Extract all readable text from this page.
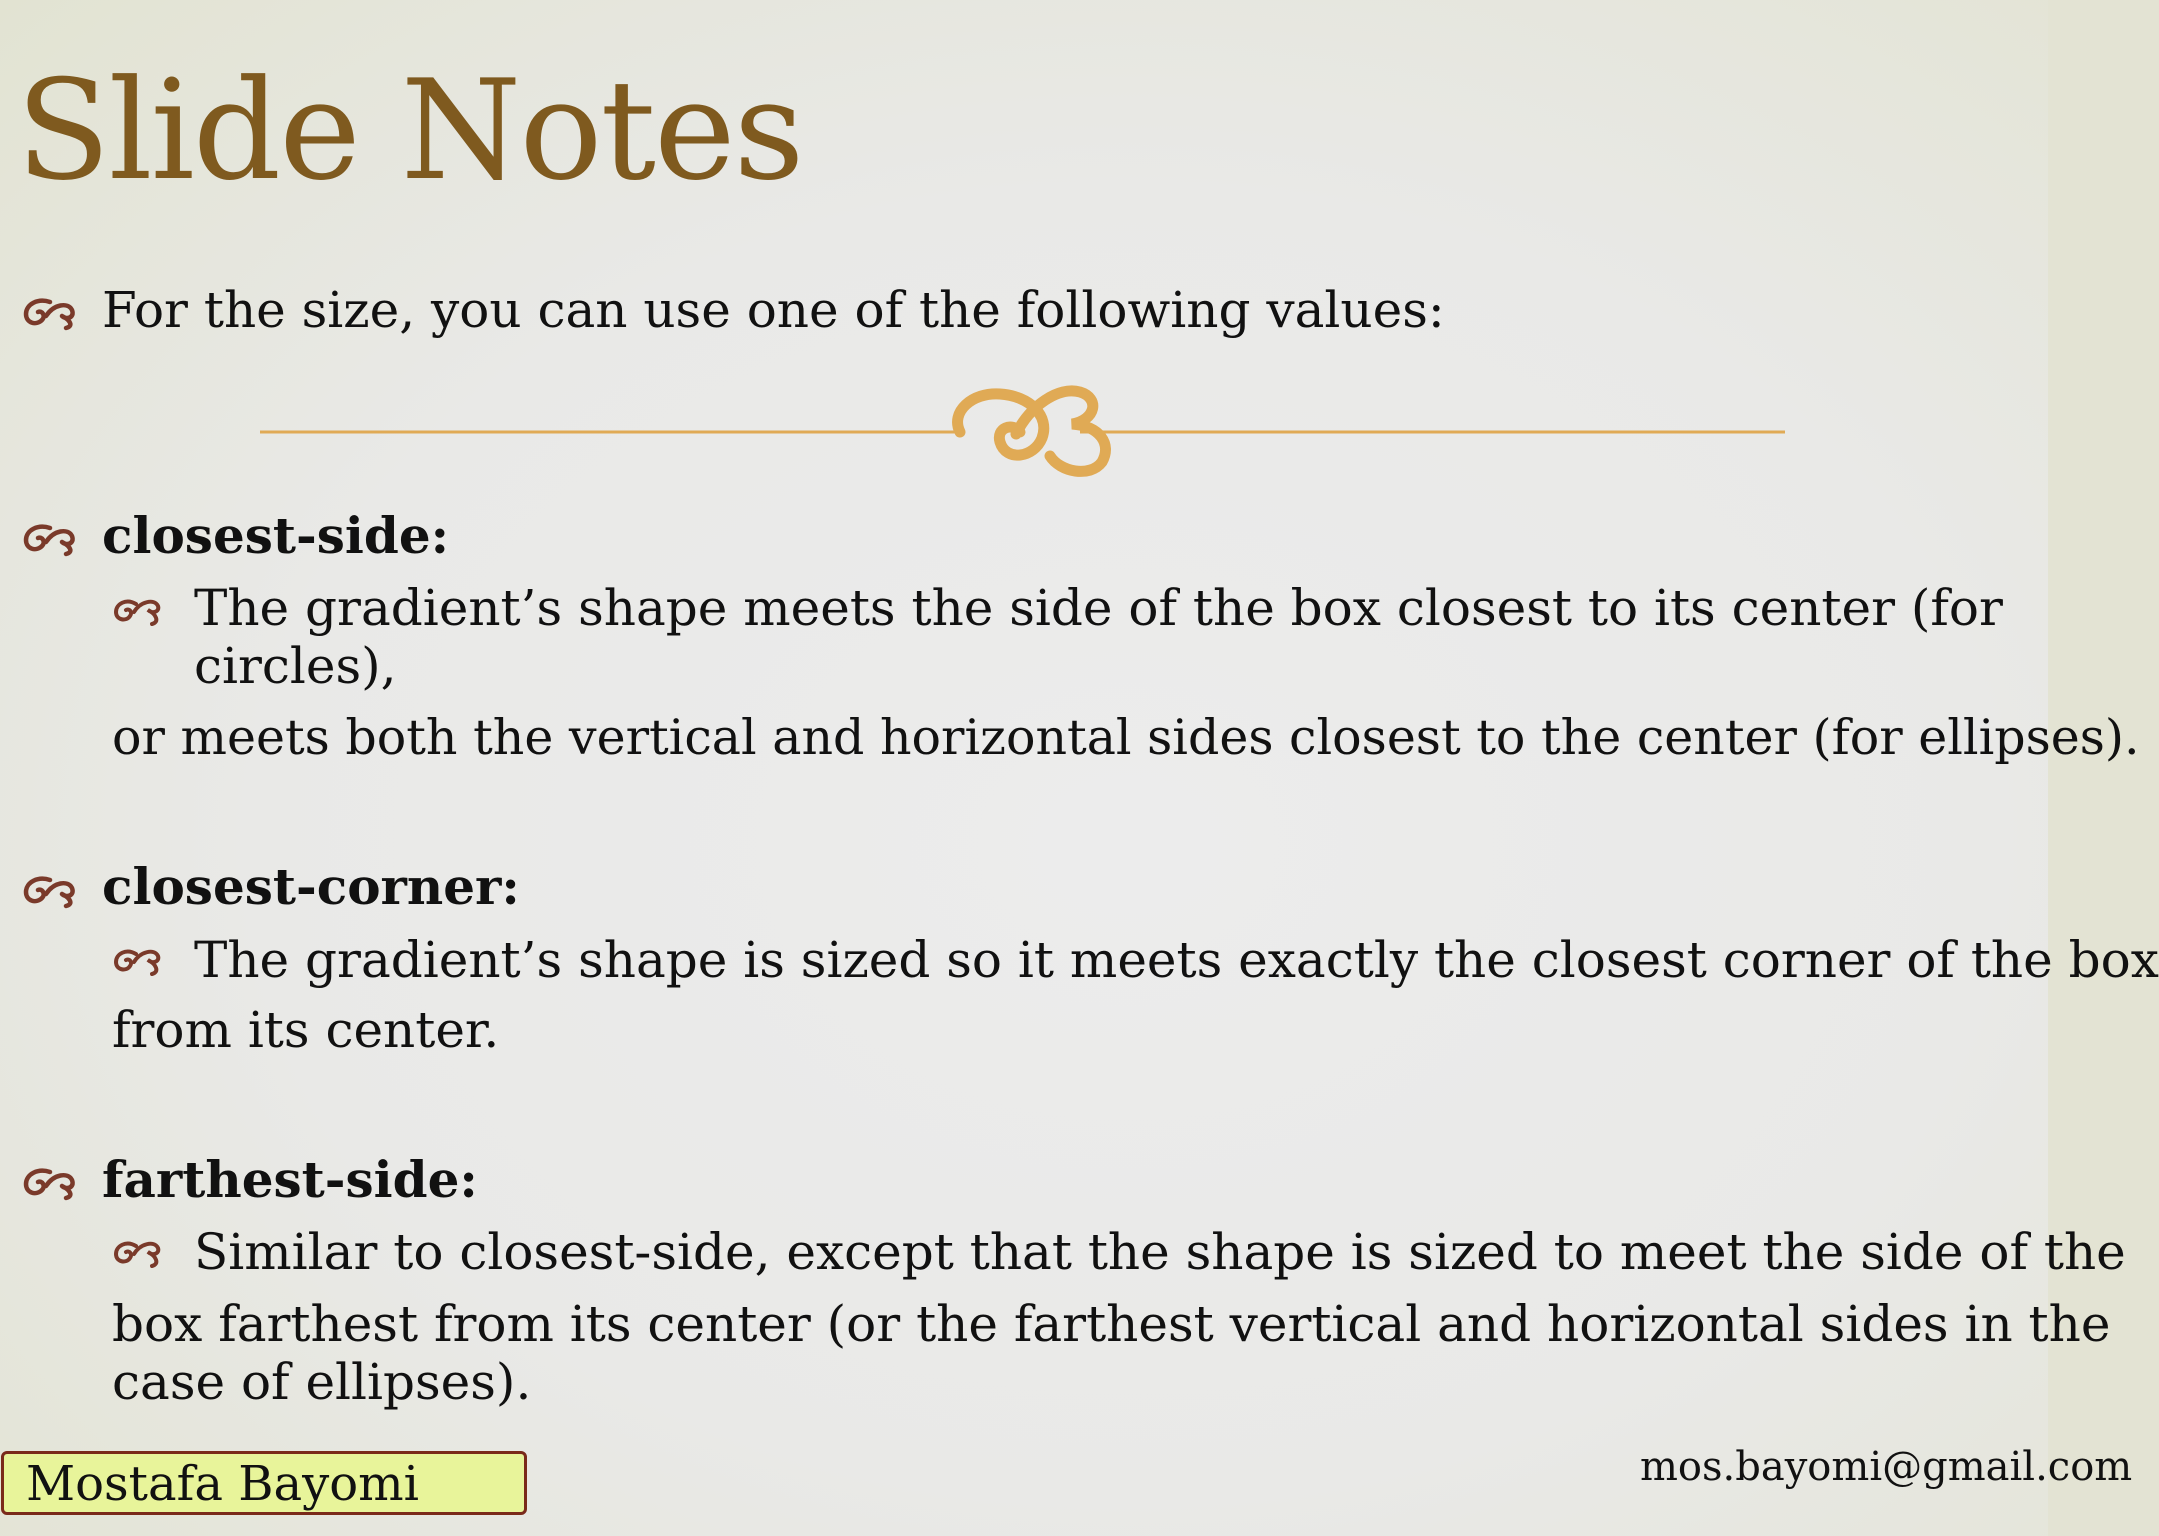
Slide Notes
For the size, you can use one of the following values:
closest-side:
The gradient’s shape meets the side of the box closest to its center (for
circles),
or meets both the vertical and horizontal sides closest to the center (for ellipses).
closest-corner:
The gradient’s shape is sized so it meets exactly the closest corner of the box
from its center.
farthest-side:
Similar to closest-side, except that the shape is sized to meet the side of the
box farthest from its center (or the farthest vertical and horizontal sides in the
case of ellipses).
Mostafa Bayomi	mos.bayomi@gmail.com
